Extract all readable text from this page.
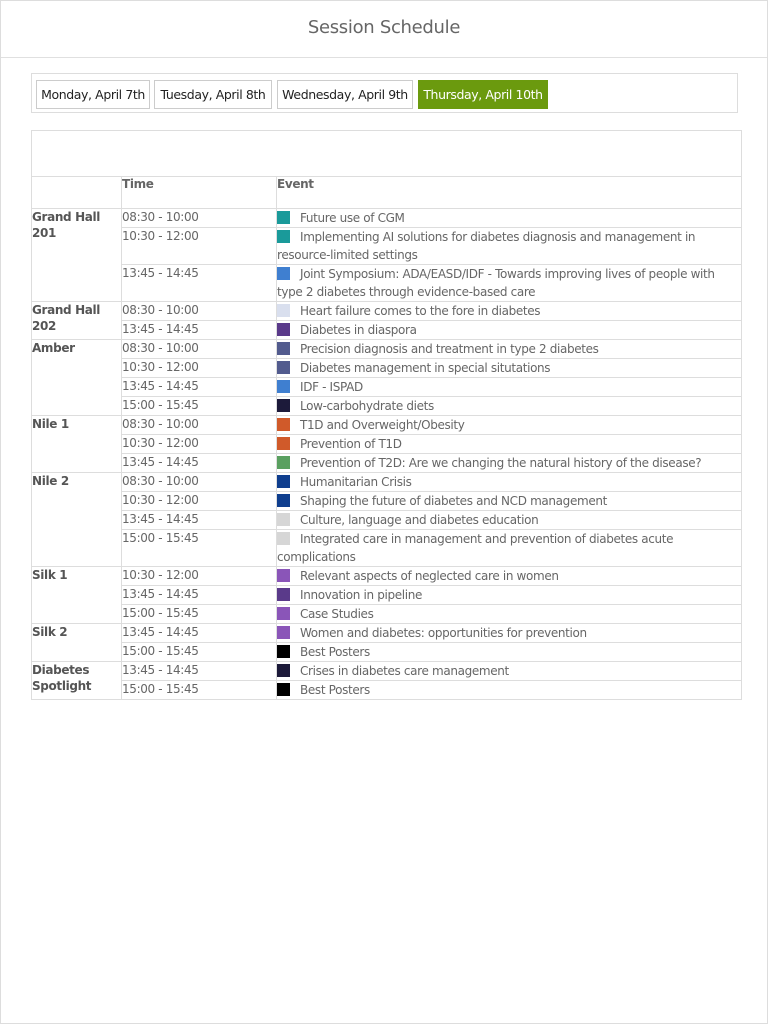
Session Schedule
Monday, April 7th	Tuesday, April 8th	Wednesday, April 9th	Thursday, April 10th

	Time	Event
Grand Hall 201	08:30 - 10:00	Future use of CGM
	10:30 - 12:00	Implementing AI solutions for diabetes diagnosis and management in resource-limited settings
	13:45 - 14:45	Joint Symposium: ADA/EASD/IDF - Towards improving lives of people with type 2 diabetes through evidence-based care
Grand Hall 202	08:30 - 10:00	Heart failure comes to the fore in diabetes
	13:45 - 14:45	Diabetes in diaspora
Amber	08:30 - 10:00	Precision diagnosis and treatment in type 2 diabetes
	10:30 - 12:00	Diabetes management in special situtations
	13:45 - 14:45	IDF - ISPAD
	15:00 - 15:45	Low-carbohydrate diets
Nile 1	08:30 - 10:00	T1D and Overweight/Obesity
	10:30 - 12:00	Prevention of T1D
	13:45 - 14:45	Prevention of T2D: Are we changing the natural history of the disease?
Nile 2	08:30 - 10:00	Humanitarian Crisis
	10:30 - 12:00	Shaping the future of diabetes and NCD management
	13:45 - 14:45	Culture, language and diabetes education
	15:00 - 15:45	Integrated care in management and prevention of diabetes acute complications
Silk 1	10:30 - 12:00	Relevant aspects of neglected care in women
	13:45 - 14:45	Innovation in pipeline
	15:00 - 15:45	Case Studies
Silk 2	13:45 - 14:45	Women and diabetes: opportunities for prevention
	15:00 - 15:45	Best Posters
Diabetes Spotlight	13:45 - 14:45	Crises in diabetes care management
	15:00 - 15:45	Best Posters
